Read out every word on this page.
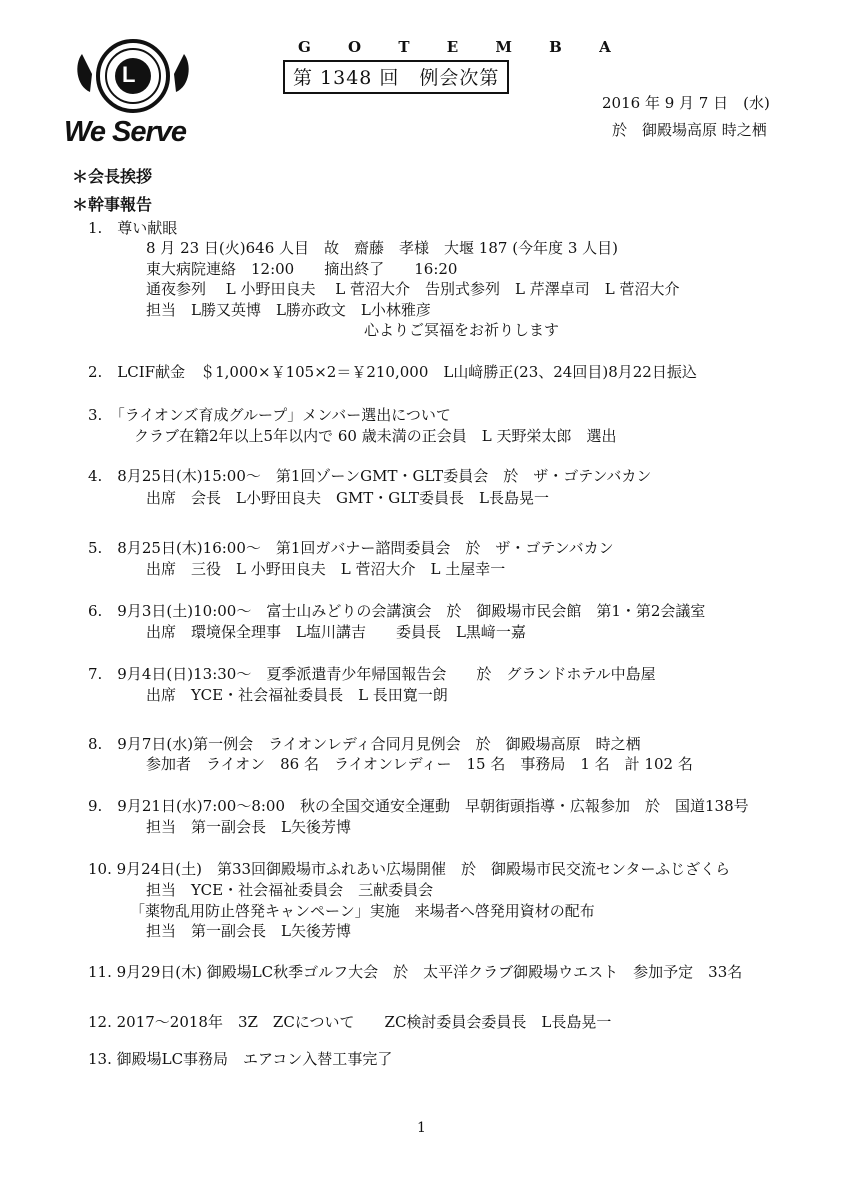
L
We Serve
G O T E M B A
第 1348 回　例会次第
2016 年 9 月 7 日　(水)
於　御殿場高原 時之栖
＊会長挨拶
＊幹事報告
1.　尊い献眼
8 月 23 日(火)646 人目　故　齋藤　孝様　大堰 187 (今年度 3 人目)
東大病院連絡　12:00　　摘出終了　　16:20
通夜参列　 L 小野田良夫　 L 菅沼大介　告別式参列　L 芹澤卓司　L 菅沼大介
担当　L勝又英博　L勝亦政文　L小林雅彦
心よりご冥福をお祈りします
2.　LCIF献金　＄1,000×￥105×2＝￥210,000　L山﨑勝正(23、24回目)8月22日振込
3.　「ライオンズ育成グループ」メンバー選出について
クラブ在籍2年以上5年以内で 60 歳未満の正会員　L 天野栄太郎　選出
4.　8月25日(木)15:00～　第1回ゾーンGMT・GLT委員会　於　ザ・ゴテンバカン
出席　会長　L小野田良夫　GMT・GLT委員長　L長島晃一
5.　8月25日(木)16:00～　第1回ガバナー諮問委員会　於　ザ・ゴテンバカン
出席　三役　L 小野田良夫　L 菅沼大介　L 土屋幸一
6.　9月3日(土)10:00～　富士山みどりの会講演会　於　御殿場市民会館　第1・第2会議室
出席　環境保全理事　L塩川講吉　　委員長　L黒﨑一嘉
7.　9月4日(日)13:30～　夏季派遣青少年帰国報告会　　於　グランドホテル中島屋
出席　YCE・社会福祉委員長　L 長田寛一朗
8.　9月7日(水)第一例会　ライオンレディ合同月見例会　於　御殿場高原　時之栖
参加者　ライオン　86 名　ライオンレディー　15 名　事務局　1 名　計 102 名
9.　9月21日(水)7:00～8:00　秋の全国交通安全運動　早朝街頭指導・広報参加　於　国道138号
担当　第一副会長　L矢後芳博
10. 9月24日(土)　第33回御殿場市ふれあい広場開催　於　御殿場市民交流センターふじざくら
担当　YCE・社会福祉委員会　三献委員会
「薬物乱用防止啓発キャンペーン」実施　来場者へ啓発用資材の配布
担当　第一副会長　L矢後芳博
11. 9月29日(木) 御殿場LC秋季ゴルフ大会　於　太平洋クラブ御殿場ウエスト　参加予定　33名
12. 2017～2018年　3Z　ZCについて　　ZC検討委員会委員長　L長島晃一
13. 御殿場LC事務局　エアコン入替工事完了
1
